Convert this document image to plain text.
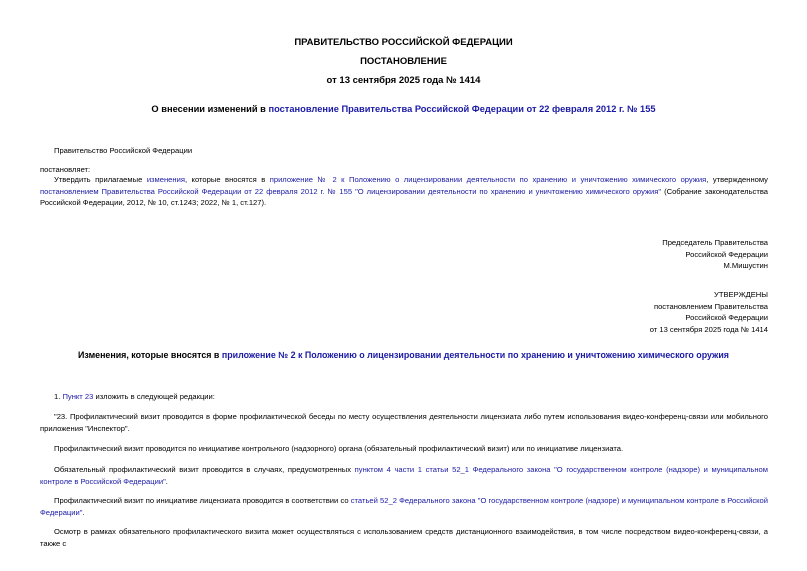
ПРАВИТЕЛЬСТВО РОССИЙСКОЙ ФЕДЕРАЦИИ
ПОСТАНОВЛЕНИЕ
от 13 сентября 2025 года № 1414
О внесении изменений в постановление Правительства Российской Федерации от 22 февраля 2012 г. № 155
Правительство Российской Федерации
постановляет:
Утвердить прилагаемые изменения, которые вносятся в приложение № 2 к Положению о лицензировании деятельности по хранению и уничтожению химического оружия, утвержденному постановлением Правительства Российской Федерации от 22 февраля 2012 г. № 155 "О лицензировании деятельности по хранению и уничтожению химического оружия" (Собрание законодательства Российской Федерации, 2012, № 10, ст.1243; 2022, № 1, ст.127).
Председатель Правительства
Российской Федерации
М.Мишустин
УТВЕРЖДЕНЫ
постановлением Правительства
Российской Федерации
от 13 сентября 2025 года № 1414
Изменения, которые вносятся в приложение № 2 к Положению о лицензировании деятельности по хранению и уничтожению химического оружия
1. Пункт 23 изложить в следующей редакции:
"23. Профилактический визит проводится в форме профилактической беседы по месту осуществления деятельности лицензиата либо путем использования видео-конференц-связи или мобильного приложения "Инспектор".
Профилактический визит проводится по инициативе контрольного (надзорного) органа (обязательный профилактический визит) или по инициативе лицензиата.
Обязательный профилактический визит проводится в случаях, предусмотренных пунктом 4 части 1 статьи 52_1 Федерального закона "О государственном контроле (надзоре) и муниципальном контроле в Российской Федерации".
Профилактический визит по инициативе лицензиата проводится в соответствии со статьей 52_2 Федерального закона "О государственном контроле (надзоре) и муниципальном контроле в Российской Федерации".
Осмотр в рамках обязательного профилактического визита может осуществляться с использованием средств дистанционного взаимодействия, в том числе посредством видео-конференц-связи, а также с
